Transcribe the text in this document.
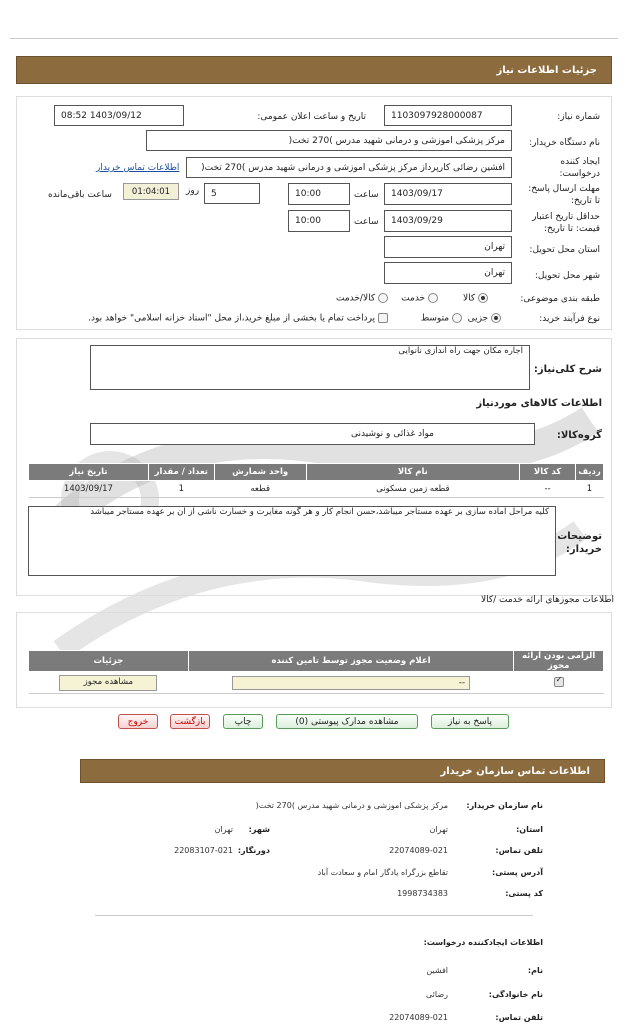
جزئیات اطلاعات نیاز
شماره نیاز:
1103097928000087
تاریخ و ساعت اعلان عمومی:
1403/09/12 08:52
نام دستگاه خریدار:
مرکز پزشکی اموزشی و درمانی شهید مدرس )270 تخت(
ایجاد کننده
درخواست:
افشین رضائی کارپرداز مرکز پزشکی اموزشی و درمانی شهید مدرس )270 تخت(
اطلاعات تماس خریدار
مهلت ارسال پاسخ:
تا تاریخ:
1403/09/17
ساعت
10:00
5
روز
01:04:01
ساعت باقی‌مانده
حداقل تاریخ اعتبار
قیمت: تا تاریخ:
1403/09/29
ساعت
10:00
استان محل تحویل:
تهران
شهر محل تحویل:
تهران
طبقه بندی موضوعی:
کالا
خدمت
کالا/خدمت
نوع فرآیند خرید:
جزیی
متوسط
پرداخت تمام یا بخشی از مبلغ خرید،از محل "اسناد خزانه اسلامی" خواهد بود.
شرح کلی‌نیاز:
اجاره مکان جهت راه اندازی نانوایی
اطلاعات کالاهای موردنیاز
گروه‌کالا:
مواد غذائی و نوشیدنی
ردیف	کد کالا	نام کالا	واحد شمارش	تعداد / مقدار	تاریخ نیاز
1	--	قطعه زمین مسکونی	قطعه	1	1403/09/17
توضیحات
خریدار:
کلیه مراحل آماده سازی بر عهده مستاجر میباشد،حسن انجام کار و هر گونه مغایرت و خسارت ناشی از آن بر عهده مستاجر میباشد
اطلاعات مجوزهای ارائه خدمت /کالا
الزامی بودن ارائه مجوز	اعلام وضعیت مجوز توسط تامین کننده	جزئیات

✓	--	مشاهده مجوز
پاسخ به نیاز
مشاهده مدارک پیوستی (0)
چاپ
بازگشت
خروج
اطلاعات تماس سازمان خریدار
نام سازمان خریدار:
مرکز پزشکی اموزشی و درمانی شهید مدرس )270 تخت(
استان:
تهران
شهر:
تهران
تلفن تماس:
22074089-021
دورنگار:
22083107-021
آدرس پستی:
تقاطع بزرگراه یادگار امام و سعادت آباد
کد پستی:
1998734383
اطلاعات ایجادکننده درخواست:
نام:
افشین
نام خانوادگی:
رضائی
تلفن تماس:
22074089-021
